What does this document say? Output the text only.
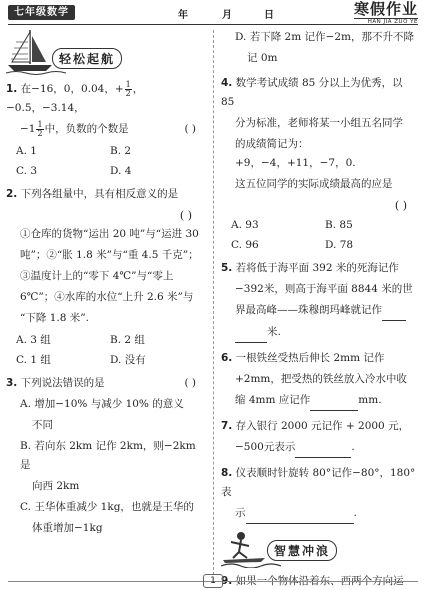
七年级数学	年	月	日	寒假作业
HAN JIA ZUO YE
轻松起航
1. 在−16，0，0.04，+ $\frac{1}{2}$ ，−0.5，−3.14，
$-1 \frac{1}{2}$ 中，负数的个数是	( )
A. 1	B. 2
C. 3	D. 4
2. 下列各组量中，具有相反意义的是
( )
①仓库的货物“运出 20 吨”与“运进 30
吨”；②“胀 1.8 米”与“重 4.5 千克”；
③温度计上的“零下 4℃”与“零上
6℃”；④水库的水位“上升 2.6 米”与
“下降 1.8 米”.
A. 3 组	B. 2 组
C. 1 组	D. 没有
3. 下列说法错误的是	( )
A. 增加−10% 与减少 10% 的意义
不同
B. 若向东 2km 记作 2km，则−2km 是
向西 2km
C. 王华体重减少 1kg，也就是王华的
体重增加−1kg
D. 若下降 2m 记作−2m，那不升不降
记 0m
4. 数学考试成绩 85 分以上为优秀，以 85
分为标准，老师将某一小组五名同学
的成绩简记为：+9，−4，+11，−7，0.
这五位同学的实际成绩最高的应是
( )
A. 93	B. 85
C. 96	D. 78
5. 若将低于海平面 392 米的死海记作
−392米，则高于海平面 8844 米的世
界最高峰——珠穆朗玛峰就记作
米.
6. 一根铁丝受热后伸长 2mm 记作
+2mm，把受热的铁丝放入冷水中收
缩 4mm 应记作	mm.
7. 存入银行 2000 元记作 + 2000 元，
−500元表示	.
8. 仪表顺时针旋转 80°记作−80°，180°表
示	.
智慧冲浪
9. 如果一个物体沿着东、西两个方向运
1
